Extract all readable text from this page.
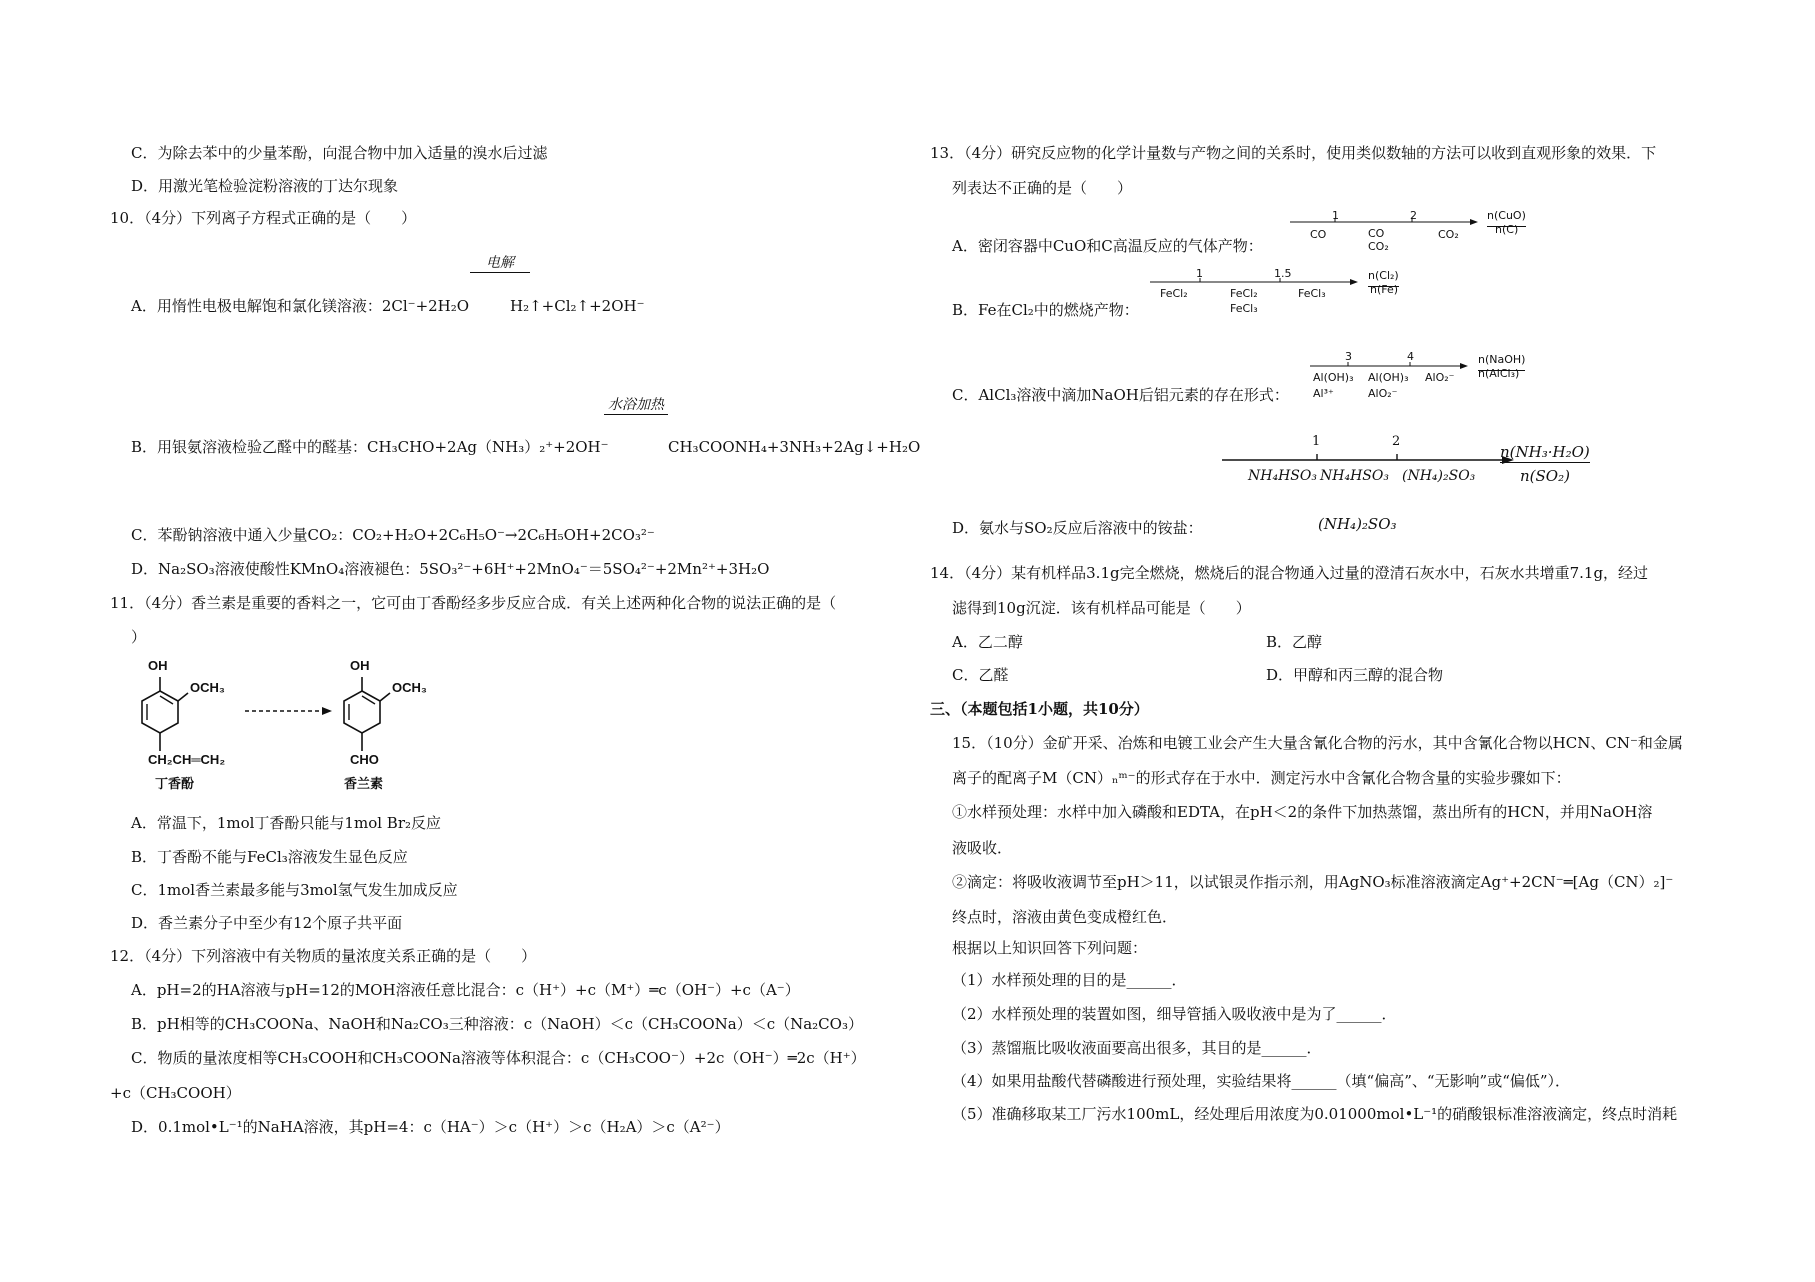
C．为除去苯中的少量苯酚，向混合物中加入适量的溴水后过滤
D．用激光笔检验淀粉溶液的丁达尔现象
10．（4分）下列离子方程式正确的是（　　）
电解
A．用惰性电极电解饱和氯化镁溶液：2Cl⁻+2H₂O	H₂↑+Cl₂↑+2OH⁻
水浴加热
B．用银氨溶液检验乙醛中的醛基：CH₃CHO+2Ag（NH₃）₂⁺+2OH⁻	CH₃COONH₄+3NH₃+2Ag↓+H₂O
C．苯酚钠溶液中通入少量CO₂：CO₂+H₂O+2C₆H₅O⁻→2C₆H₅OH+2CO₃²⁻
D．Na₂SO₃溶液使酸性KMnO₄溶液褪色：5SO₃²⁻+6H⁺+2MnO₄⁻＝5SO₄²⁻+2Mn²⁺+3H₂O
11．（4分）香兰素是重要的香料之一，它可由丁香酚经多步反应合成．有关上述两种化合物的说法正确的是（
）
OH
OCH₃
CH₂CH═CH₂
丁香酚
OH
OCH₃
CHO
香兰素
A．常温下，1mol丁香酚只能与1mol Br₂反应
B．丁香酚不能与FeCl₃溶液发生显色反应
C．1mol香兰素最多能与3mol氢气发生加成反应
D．香兰素分子中至少有12个原子共平面
12．（4分）下列溶液中有关物质的量浓度关系正确的是（　　）
A．pH=2的HA溶液与pH=12的MOH溶液任意比混合：c（H⁺）+c（M⁺）═c（OH⁻）+c（A⁻）
B．pH相等的CH₃COONa、NaOH和Na₂CO₃三种溶液：c（NaOH）＜c（CH₃COONa）＜c（Na₂CO₃）
C．物质的量浓度相等CH₃COOH和CH₃COONa溶液等体积混合：c（CH₃COO⁻）+2c（OH⁻）═2c（H⁺）
+c（CH₃COOH）
D．0.1mol•L⁻¹的NaHA溶液，其pH=4：c（HA⁻）＞c（H⁺）＞c（H₂A）＞c（A²⁻）
13．（4分）研究反应物的化学计量数与产物之间的关系时，使用类似数轴的方法可以收到直观形象的效果．下
列表达不正确的是（　　）
A．密闭容器中CuO和C高温反应的气体产物：
1	2
CO	CO
CO₂
CO₂
n(CuO)
n(C)
B．Fe在Cl₂中的燃烧产物：
1	1.5
FeCl₂	FeCl₂
FeCl₃
FeCl₃
n(Cl₂)
n(Fe)
C．AlCl₃溶液中滴加NaOH后铝元素的存在形式：
3	4
Al(OH)₃
Al³⁺
Al(OH)₃
AlO₂⁻
AlO₂⁻
n(NaOH)
n(AlCl₃)
1	2
NH₄HSO₃ NH₄HSO₃ (NH₄)₂SO₃
(NH₄)₂SO₃
n(NH₃·H₂O)
n(SO₂)
D．氨水与SO₂反应后溶液中的铵盐：
14．（4分）某有机样品3.1g完全燃烧，燃烧后的混合物通入过量的澄清石灰水中，石灰水共增重7.1g，经过
滤得到10g沉淀．该有机样品可能是（　　）
A．乙二醇	B．乙醇
C．乙醛	D．甲醇和丙三醇的混合物
三、（本题包括1小题，共10分）
15．（10分）金矿开采、冶炼和电镀工业会产生大量含氰化合物的污水，其中含氰化合物以HCN、CN⁻和金属
离子的配离子M（CN）ₙᵐ⁻的形式存在于水中．测定污水中含氰化合物含量的实验步骤如下：
①水样预处理：水样中加入磷酸和EDTA，在pH＜2的条件下加热蒸馏，蒸出所有的HCN，并用NaOH溶
液吸收．
②滴定：将吸收液调节至pH＞11，以试银灵作指示剂，用AgNO₃标准溶液滴定Ag⁺+2CN⁻═[Ag（CN）₂]⁻
终点时，溶液由黄色变成橙红色．
根据以上知识回答下列问题：
（1）水样预处理的目的是______．
（2）水样预处理的装置如图，细导管插入吸收液中是为了______．
（3）蒸馏瓶比吸收液面要高出很多，其目的是______．
（4）如果用盐酸代替磷酸进行预处理，实验结果将______（填“偏高”、“无影响”或“偏低”）．
（5）准确移取某工厂污水100mL，经处理后用浓度为0.01000mol•L⁻¹的硝酸银标准溶液滴定，终点时消耗
